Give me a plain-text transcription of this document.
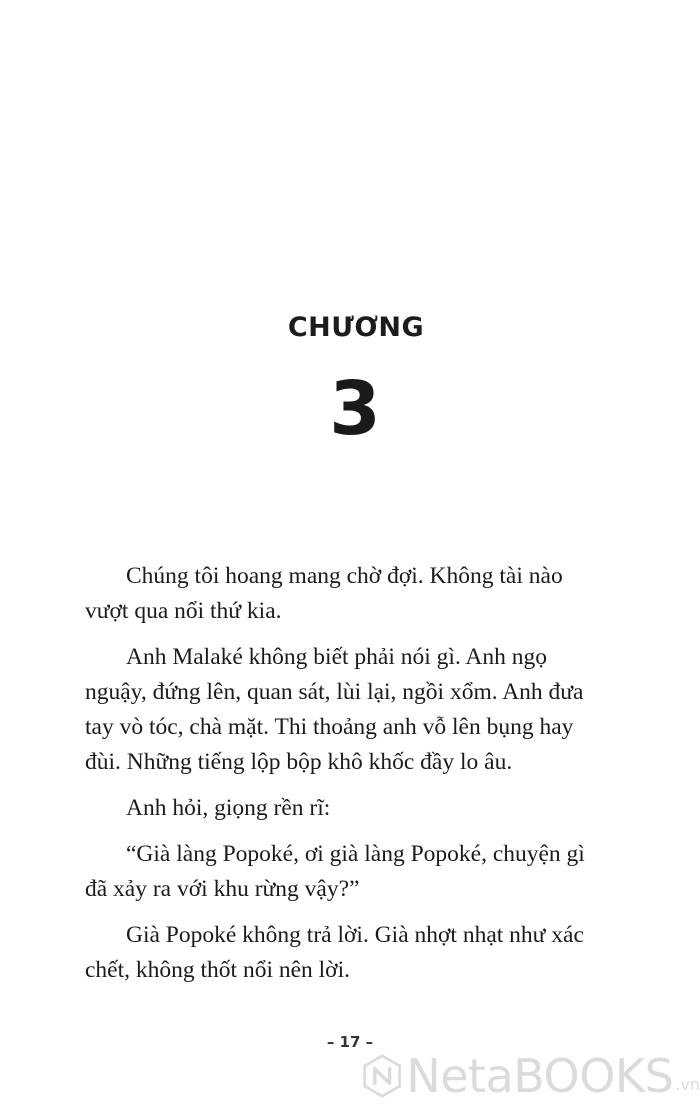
CHƯƠNG
3

Chúng tôi hoang mang chờ đợi. Không tài nào
vượt qua nổi thứ kia.

Anh Malaké không biết phải nói gì. Anh ngọ
nguậy, đứng lên, quan sát, lùi lại, ngồi xổm. Anh đưa
tay vò tóc, chà mặt. Thi thoảng anh vỗ lên bụng hay
đùi. Những tiếng lộp bộp khô khốc đầy lo âu.

Anh hỏi, giọng rền rĩ:

“Già làng Popoké, ơi già làng Popoké, chuyện gì
đã xảy ra với khu rừng vậy?”

Già Popoké không trả lời. Già nhợt nhạt như xác
chết, không thốt nổi nên lời.

– 17 –
NetaBOOKS .vn
